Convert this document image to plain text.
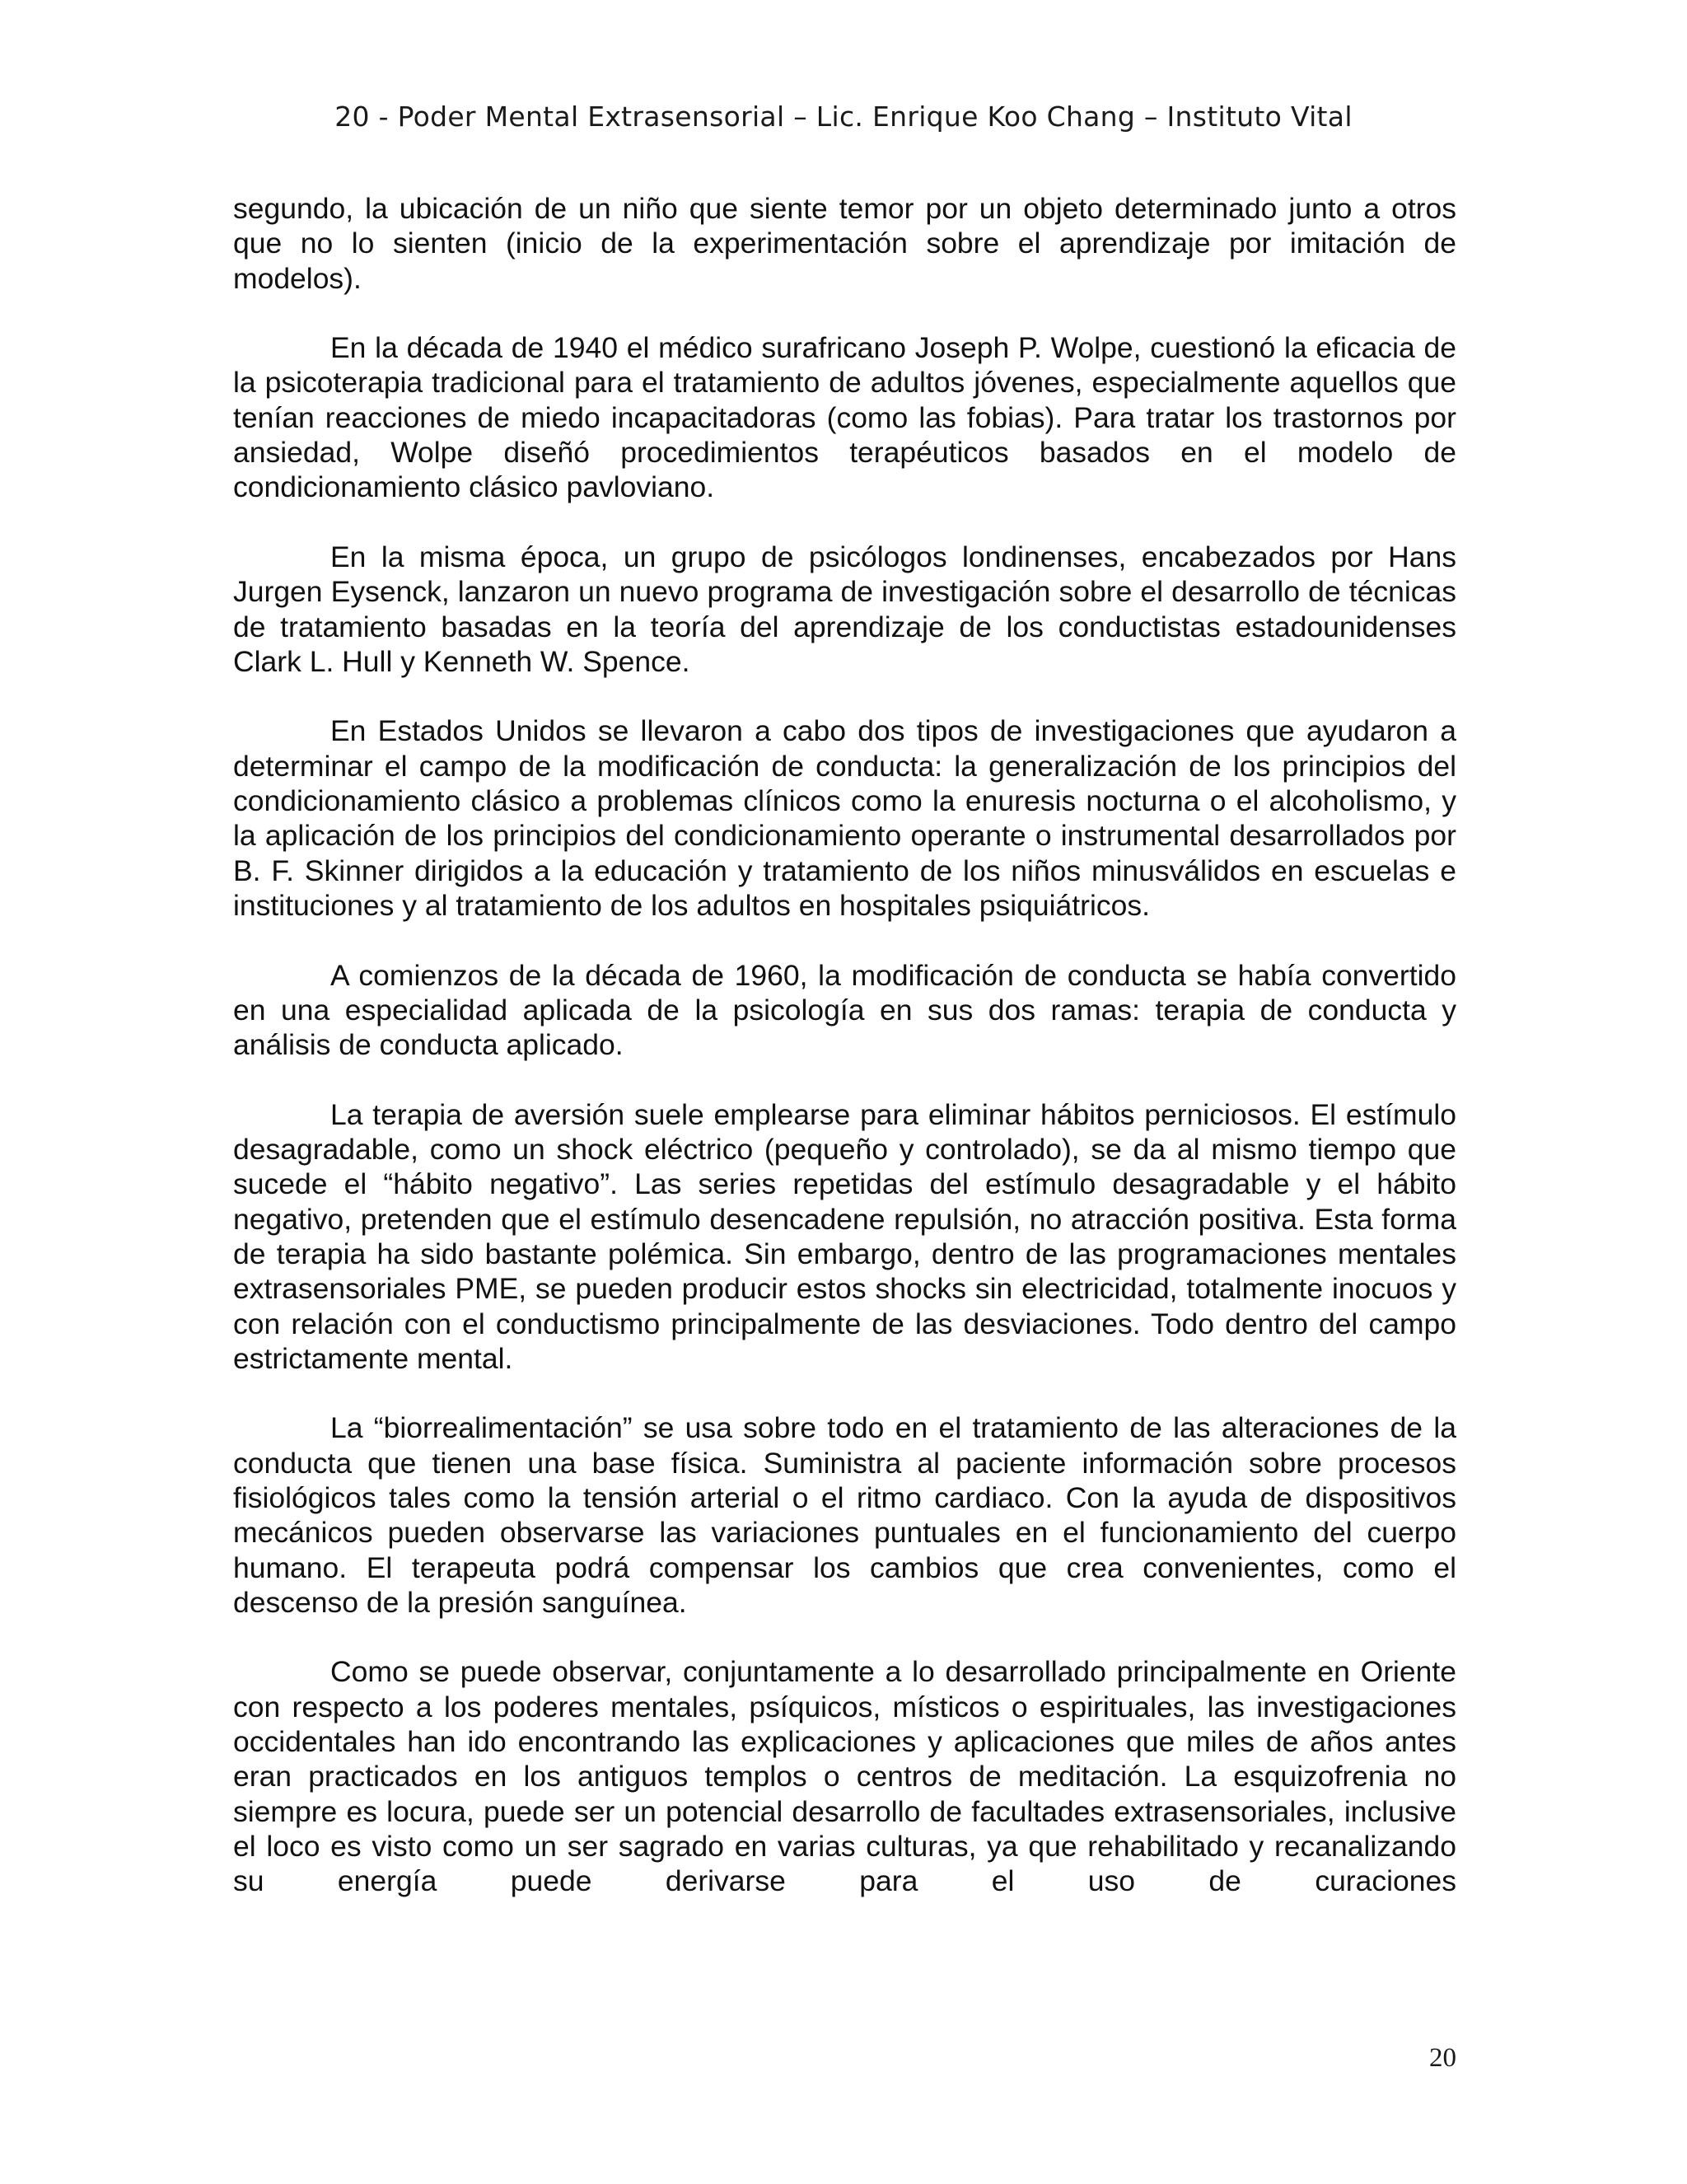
20 - Poder Mental Extrasensorial – Lic. Enrique Koo Chang – Instituto Vital

segundo, la ubicación de un niño que siente temor por un objeto determinado junto a otros que no lo sienten (inicio de la experimentación sobre el aprendizaje por imitación de modelos).

En la década de 1940 el médico surafricano Joseph P. Wolpe, cuestionó la eficacia de la psicoterapia tradicional para el tratamiento de adultos jóvenes, especialmente aquellos que tenían reacciones de miedo incapacitadoras (como las fobias). Para tratar los trastornos por ansiedad, Wolpe diseñó procedimientos terapéuticos basados en el modelo de condicionamiento clásico pavloviano.

En la misma época, un grupo de psicólogos londinenses, encabezados por Hans Jurgen Eysenck, lanzaron un nuevo programa de investigación sobre el desarrollo de técnicas de tratamiento basadas en la teoría del aprendizaje de los conductistas estadounidenses Clark L. Hull y Kenneth W. Spence.

En Estados Unidos se llevaron a cabo dos tipos de investigaciones que ayudaron a determinar el campo de la modificación de conducta: la generalización de los principios del condicionamiento clásico a problemas clínicos como la enuresis nocturna o el alcoholismo, y la aplicación de los principios del condicionamiento operante o instrumental desarrollados por B. F. Skinner dirigidos a la educación y tratamiento de los niños minusválidos en escuelas e instituciones y al tratamiento de los adultos en hospitales psiquiátricos.

A comienzos de la década de 1960, la modificación de conducta se había convertido en una especialidad aplicada de la psicología en sus dos ramas: terapia de conducta y análisis de conducta aplicado.

La terapia de aversión suele emplearse para eliminar hábitos perniciosos. El estímulo desagradable, como un shock eléctrico (pequeño y controlado), se da al mismo tiempo que sucede el “hábito negativo”. Las series repetidas del estímulo desagradable y el hábito negativo, pretenden que el estímulo desencadene repulsión, no atracción positiva. Esta forma de terapia ha sido bastante polémica. Sin embargo, dentro de las programaciones mentales extrasensoriales PME, se pueden producir estos shocks sin electricidad, totalmente inocuos y con relación con el conductismo principalmente de las desviaciones. Todo dentro del campo estrictamente mental.

La “biorrealimentación” se usa sobre todo en el tratamiento de las alteraciones de la conducta que tienen una base física. Suministra al paciente información sobre procesos fisiológicos tales como la tensión arterial o el ritmo cardiaco. Con la ayuda de dispositivos mecánicos pueden observarse las variaciones puntuales en el funcionamiento del cuerpo humano. El terapeuta podrá compensar los cambios que crea convenientes, como el descenso de la presión sanguínea.

Como se puede observar, conjuntamente a lo desarrollado principalmente en Oriente con respecto a los poderes mentales, psíquicos, místicos o espirituales, las investigaciones occidentales han ido encontrando las explicaciones y aplicaciones que miles de años antes eran practicados en los antiguos templos o centros de meditación. La esquizofrenia no siempre es locura, puede ser un potencial desarrollo de facultades extrasensoriales, inclusive el loco es visto como un ser sagrado en varias culturas, ya que rehabilitado y recanalizando su energía puede derivarse para el uso de curaciones

20
